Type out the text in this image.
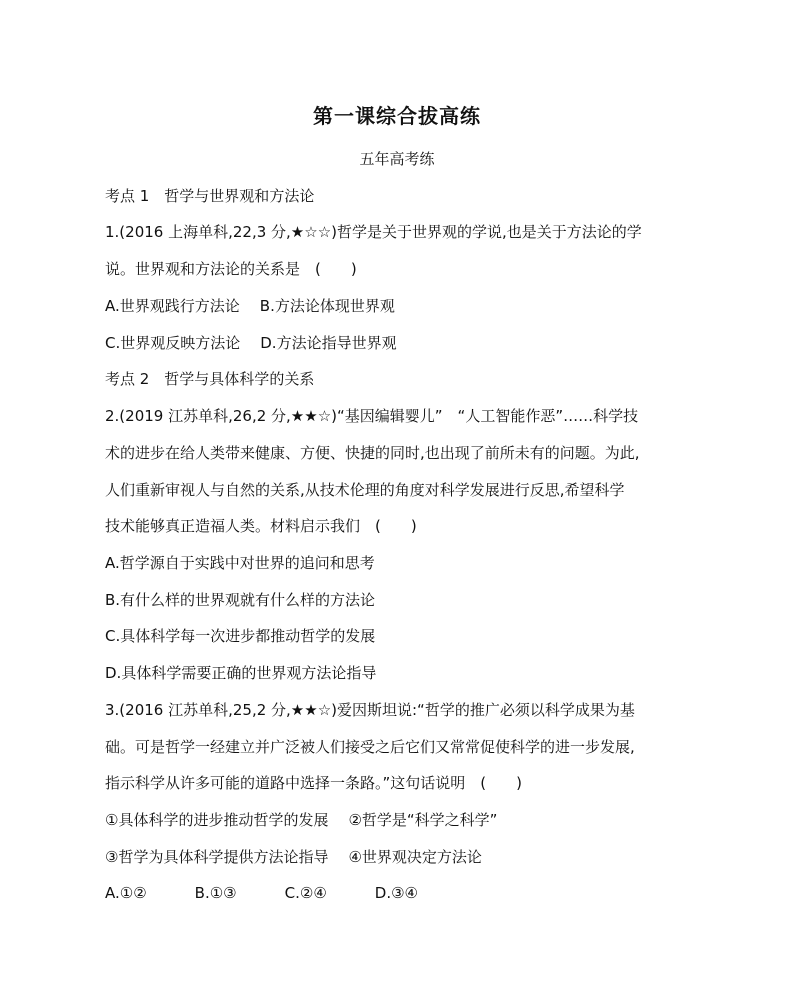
第一课综合拔高练
五年高考练
考点 1　哲学与世界观和方法论
1.(2016 上海单科,22,3 分,★☆☆)哲学是关于世界观的学说,也是关于方法论的学
说。世界观和方法论的关系是　(　　)
A.世界观践行方法论 B.方法论体现世界观
C.世界观反映方法论 D.方法论指导世界观
考点 2　哲学与具体科学的关系
2.(2019 江苏单科,26,2 分,★★☆)“基因编辑婴儿”　“人工智能作恶”……科学技
术的进步在给人类带来健康、方便、快捷的同时,也出现了前所未有的问题。为此,
人们重新审视人与自然的关系,从技术伦理的角度对科学发展进行反思,希望科学
技术能够真正造福人类。材料启示我们　(　　)
A.哲学源自于实践中对世界的追问和思考
B.有什么样的世界观就有什么样的方法论
C.具体科学每一次进步都推动哲学的发展
D.具体科学需要正确的世界观方法论指导
3.(2016 江苏单科,25,2 分,★★☆)爱因斯坦说:“哲学的推广必须以科学成果为基
础。可是哲学一经建立并广泛被人们接受之后它们又常常促使科学的进一步发展,
指示科学从许多可能的道路中选择一条路。”这句话说明　(　　)
①具体科学的进步推动哲学的发展 ②哲学是“科学之科学”
③哲学为具体科学提供方法论指导 ④世界观决定方法论
A.①②	B.①③	C.②④	D.③④
